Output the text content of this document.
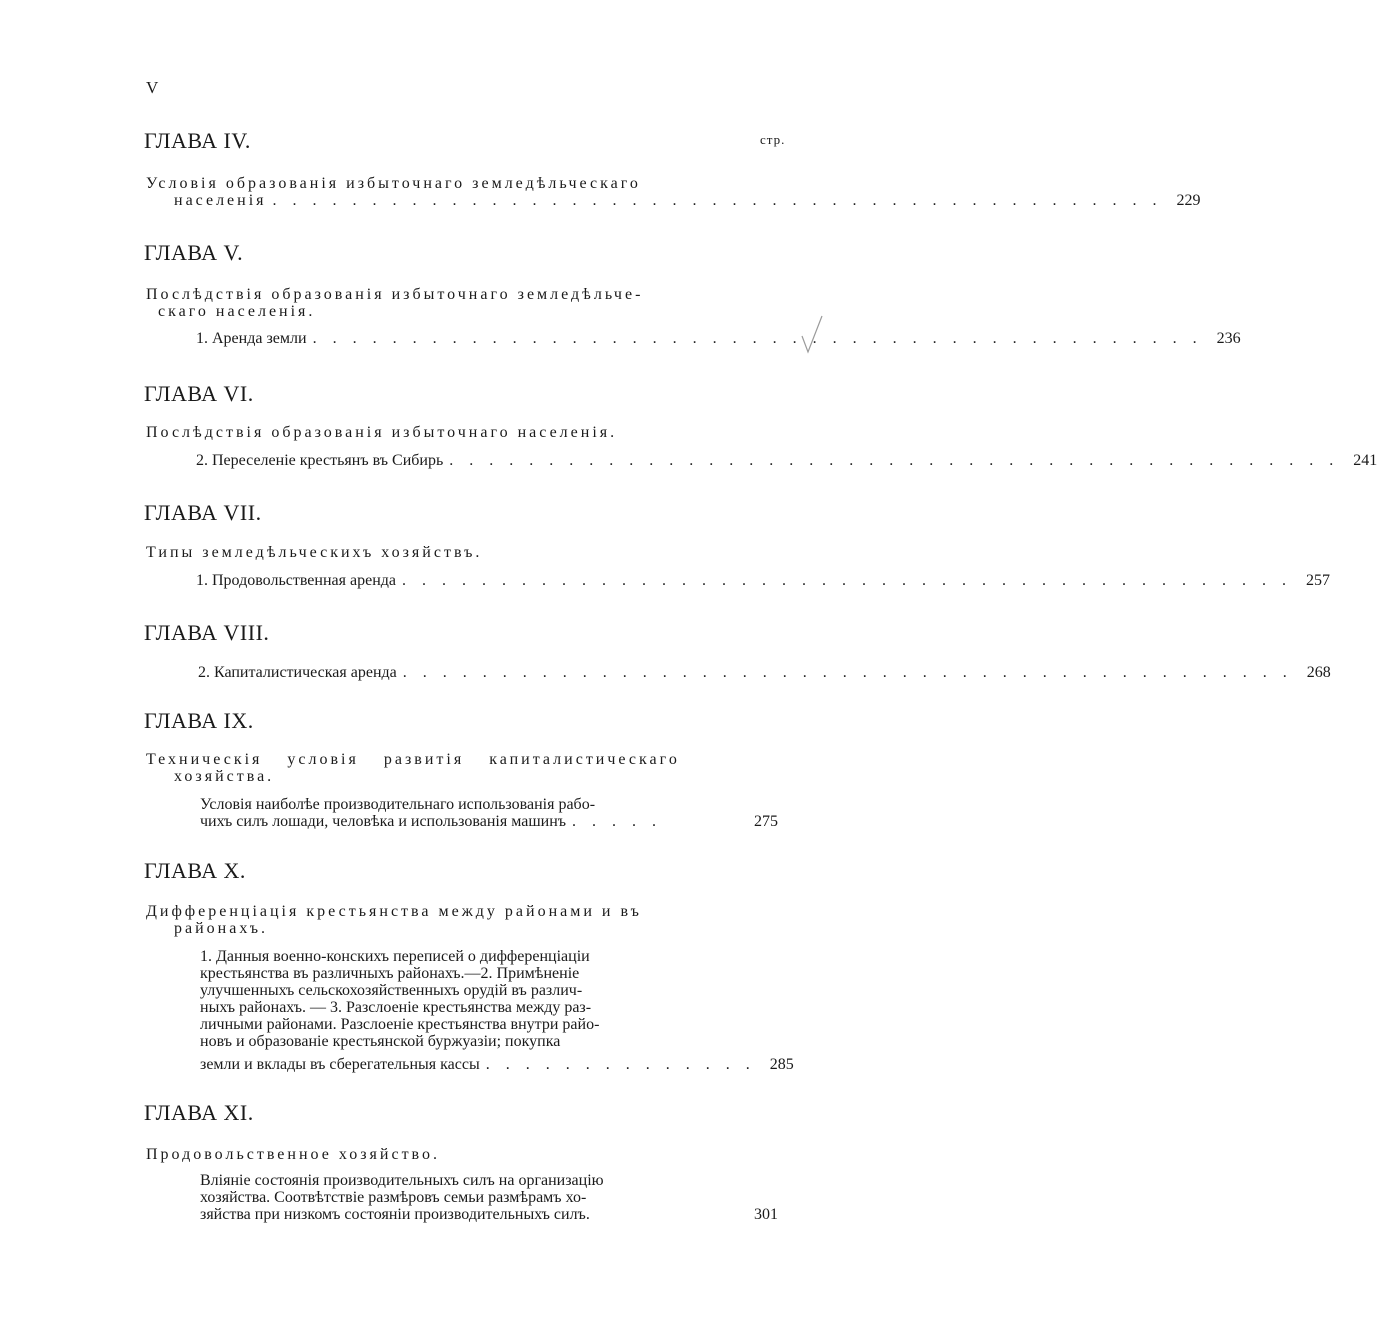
V
стр.
ГЛАВА IV.
Условія образованія избыточнаго земледѣльческаго
населенія . . . . . . . . . . . . . . . . . . . . . . . . . . . . . . . . . . . . . . . . . . . . . 229
ГЛАВА V.
Послѣдствія образованія избыточнаго земледѣльче-
скаго населенія.
1. Аренда земли . . . . . . . . . . . . . . . . . . . . . . . . . . . . . . . . . . . . . . . . . . . . . 236
ГЛАВА VI.
Послѣдствія образованія избыточнаго населенія.
2. Переселеніе крестьянъ въ Сибирь . . . . . . . . . . . . . . . . . . . . . . . . . . . . . . . . . . . . . . . . . . . . . 241
ГЛАВА VII.
Типы земледѣльческихъ хозяйствъ.
1. Продовольственная аренда . . . . . . . . . . . . . . . . . . . . . . . . . . . . . . . . . . . . . . . . . . . . . 257
ГЛАВА VIII.
2. Капиталистическая аренда . . . . . . . . . . . . . . . . . . . . . . . . . . . . . . . . . . . . . . . . . . . . . 268
ГЛАВА IX.
Техническія условія развитія капиталистическаго
хозяйства.
Условія наиболѣе производительнаго использованія рабо-
чихъ силъ лошади, человѣка и использованія машинъ . . . . .	275
ГЛАВА X.
Дифференціація крестьянства между районами и въ
районахъ.
1. Данныя военно-конскихъ переписей о дифференціаціи
крестьянства въ различныхъ районахъ.—2. Примѣненіе
улучшенныхъ сельскохозяйственныхъ орудій въ различ-
ныхъ районахъ. — 3. Разслоеніе крестьянства между раз-
личными районами. Разслоеніе крестьянства внутри райо-
новъ и образованіе крестьянской буржуазіи; покупка
земли и вклады въ сберегательныя кассы . . . . . . . . . . . . . . 285
ГЛАВА XI.
Продовольственное хозяйство.
Вліяніе состоянія производительныхъ силъ на организацію
хозяйства. Соотвѣтствіе размѣровъ семьи размѣрамъ хо-
зяйства при низкомъ состояніи производительныхъ силъ.	301
